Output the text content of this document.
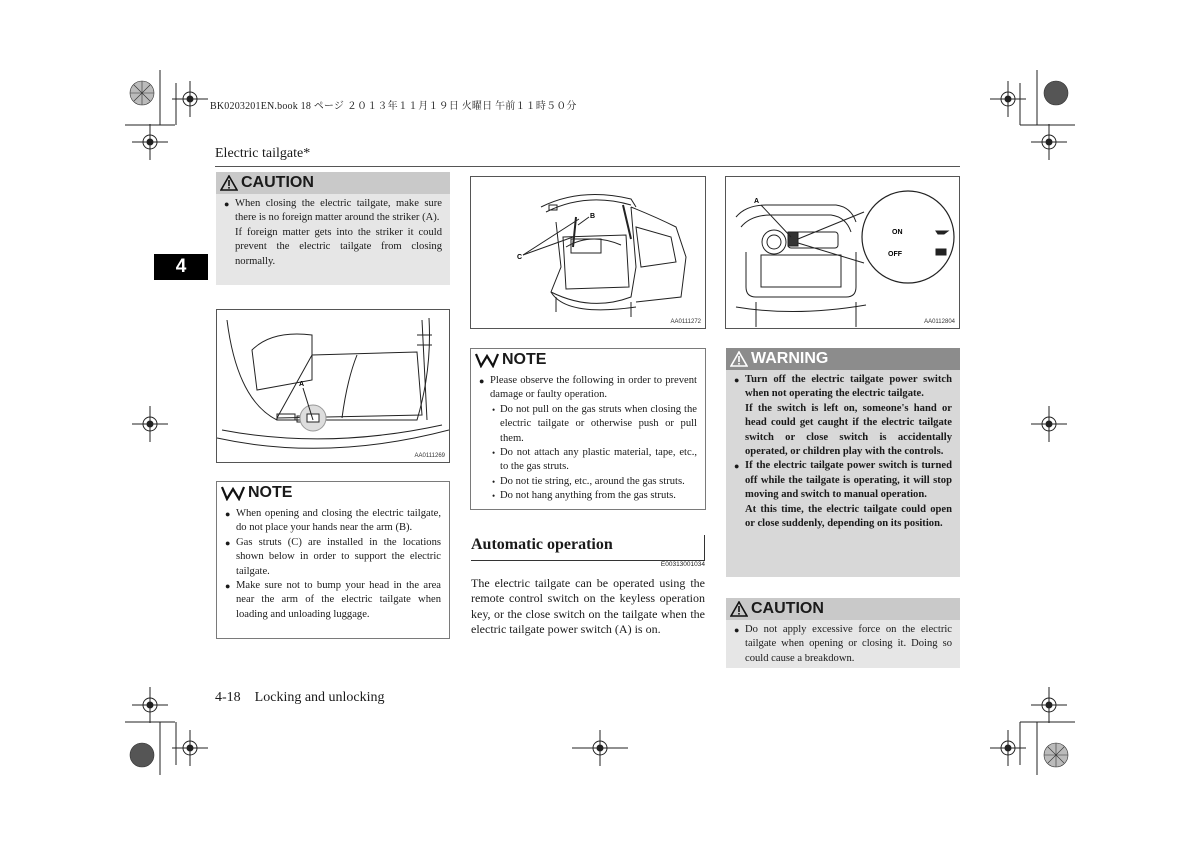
BK0203201EN.book 18 ページ ２０１３年１１月１９日 火曜日 午前１１時５０分
Electric tailgate*
4
CAUTION
● When closing the electric tailgate, make sure there is no foreign matter around the striker (A).
If foreign matter gets into the striker it could prevent the electric tailgate from closing normally.
A
AA0111269
NOTE
● When opening and closing the electric tailgate, do not place your hands near the arm (B).
● Gas struts (C) are installed in the locations shown below in order to support the electric tailgate.
● Make sure not to bump your head in the area near the arm of the electric tailgate when loading and unloading luggage.
B
C
AA0111272
NOTE
● Please observe the following in order to prevent damage or faulty operation.
• Do not pull on the gas struts when closing the electric tailgate or otherwise push or pull them.
• Do not attach any plastic material, tape, etc., to the gas struts.
• Do not tie string, etc., around the gas struts.
• Do not hang anything from the gas struts.
Automatic operation
E00313001034
The electric tailgate can be operated using the remote control switch on the keyless operation key, or the close switch on the tailgate when the electric tailgate power switch (A) is on.
A
ON
OFF
AA0112804
WARNING
● Turn off the electric tailgate power switch when not operating the electric tailgate.
If the switch is left on, someone's hand or head could get caught if the electric tailgate switch or close switch is accidentally operated, or children play with the controls.
● If the electric tailgate power switch is turned off while the tailgate is operating, it will stop moving and switch to manual operation.
At this time, the electric tailgate could open or close suddenly, depending on its position.
CAUTION
● Do not apply excessive force on the electric tailgate when opening or closing it. Doing so could cause a breakdown.
4-18 Locking and unlocking
